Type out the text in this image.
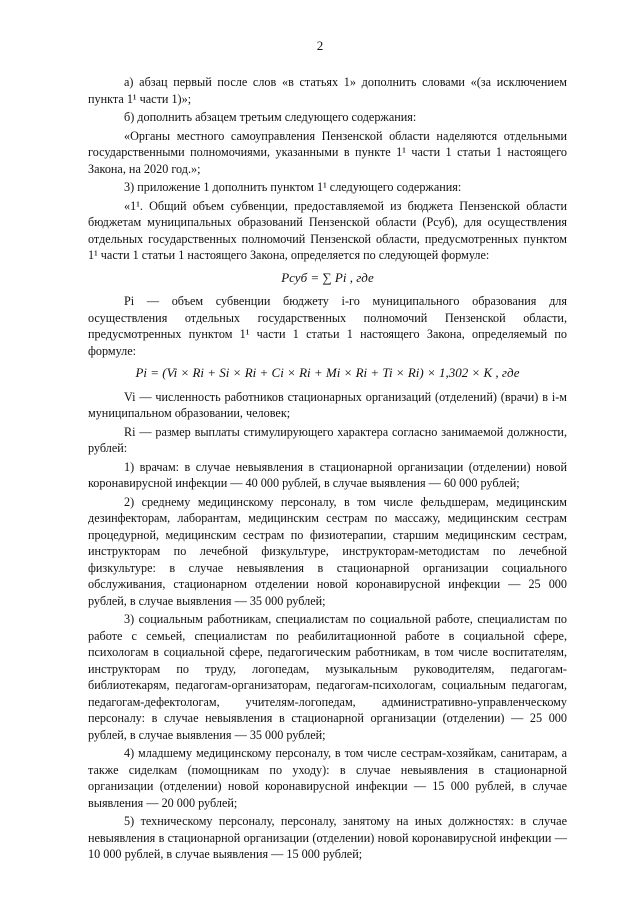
2

а) абзац первый после слов «в статьях 1» дополнить словами «(за исключением пункта 1¹ части 1)»;

б) дополнить абзацем третьим следующего содержания:

«Органы местного самоуправления Пензенской области наделяются отдельными государственными полномочиями, указанными в пункте 1¹ части 1 статьи 1 настоящего Закона, на 2020 год.»;

3) приложение 1 дополнить пунктом 1¹ следующего содержания:

«1¹. Общий объем субвенции, предоставляемой из бюджета Пензенской области бюджетам муниципальных образований Пензенской области (Pсуб), для осуществления отдельных государственных полномочий Пензенской области, предусмотренных пунктом 1¹ части 1 статьи 1 настоящего Закона, определяется по следующей формуле:

Pсуб = ∑ Pi , где

Pi — объем субвенции бюджету i-го муниципального образования для осуществления отдельных государственных полномочий Пензенской области, предусмотренных пунктом 1¹ части 1 статьи 1 настоящего Закона, определяемый по формуле:

Pi = (Vi × Ri + Si × Ri + Ci × Ri + Mi × Ri + Ti × Ri) × 1,302 × K , где

Vi — численность работников стационарных организаций (отделений) (врачи) в i-м муниципальном образовании, человек;

Ri — размер выплаты стимулирующего характера согласно занимаемой должности, рублей:

1) врачам: в случае невыявления в стационарной организации (отделении) новой коронавирусной инфекции — 40 000 рублей, в случае выявления — 60 000 рублей;

2) среднему медицинскому персоналу, в том числе фельдшерам, медицинским дезинфекторам, лаборантам, медицинским сестрам по массажу, медицинским сестрам процедурной, медицинским сестрам по физиотерапии, старшим медицинским сестрам, инструкторам по лечебной физкультуре, инструкторам-методистам по лечебной физкультуре: в случае невыявления в стационарной организации социального обслуживания, стационарном отделении новой коронавирусной инфекции — 25 000 рублей, в случае выявления — 35 000 рублей;

3) социальным работникам, специалистам по социальной работе, специалистам по работе с семьей, специалистам по реабилитационной работе в социальной сфере, психологам в социальной сфере, педагогическим работникам, в том числе воспитателям, инструкторам по труду, логопедам, музыкальным руководителям, педагогам-библиотекарям, педагогам-организаторам, педагогам-психологам, социальным педагогам, педагогам-дефектологам, учителям-логопедам, административно-управленческому персоналу: в случае невыявления в стационарной организации (отделении) — 25 000 рублей, в случае выявления — 35 000 рублей;

4) младшему медицинскому персоналу, в том числе сестрам-хозяйкам, санитарам, а также сиделкам (помощникам по уходу): в случае невыявления в стационарной организации (отделении) новой коронавирусной инфекции — 15 000 рублей, в случае выявления — 20 000 рублей;

5) техническому персоналу, персоналу, занятому на иных должностях: в случае невыявления в стационарной организации (отделении) новой коронавирусной инфекции — 10 000 рублей, в случае выявления — 15 000 рублей;
